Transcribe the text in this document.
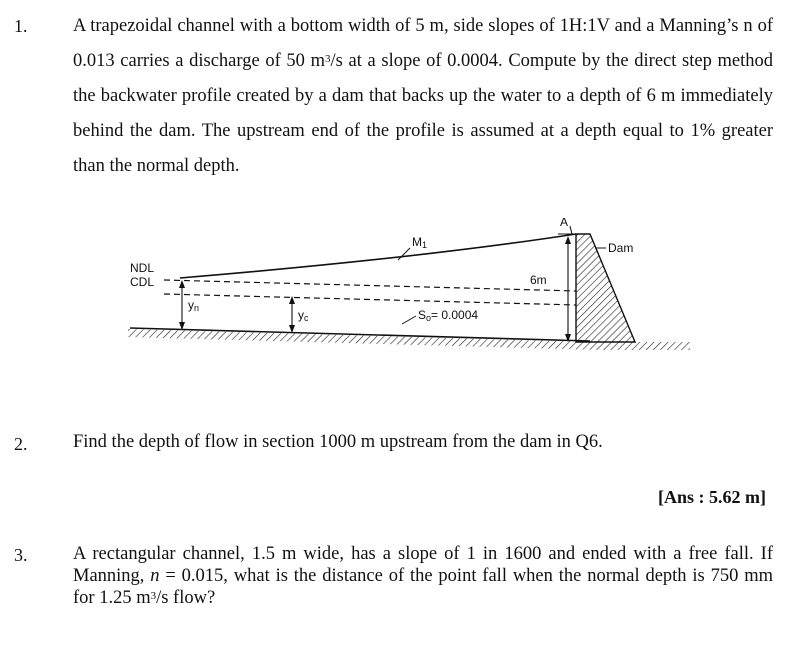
1. A trapezoidal channel with a bottom width of 5 m, side slopes of 1H:1V and a Manning’s n of 0.013 carries a discharge of 50 $m^3/s$ at a slope of 0.0004. Compute by the direct step method the backwater profile created by a dam that backs up the water to a depth of 6 m immediately behind the dam. The upstream end of the profile is assumed at a depth equal to 1% greater than the normal depth.
NDL
CDL
yn	yc
M1
A
Dam
6m
So= 0.0004
2. Find the depth of flow in section 1000 m upstream from the dam in Q6.
[Ans : 5.62 m]
3. A rectangular channel, 1.5 m wide, has a slope of 1 in 1600 and ended with a free fall. If Manning, n = 0.015, what is the distance of the point fall when the normal depth is 750 mm for 1.25 $m^3/s$ flow?
